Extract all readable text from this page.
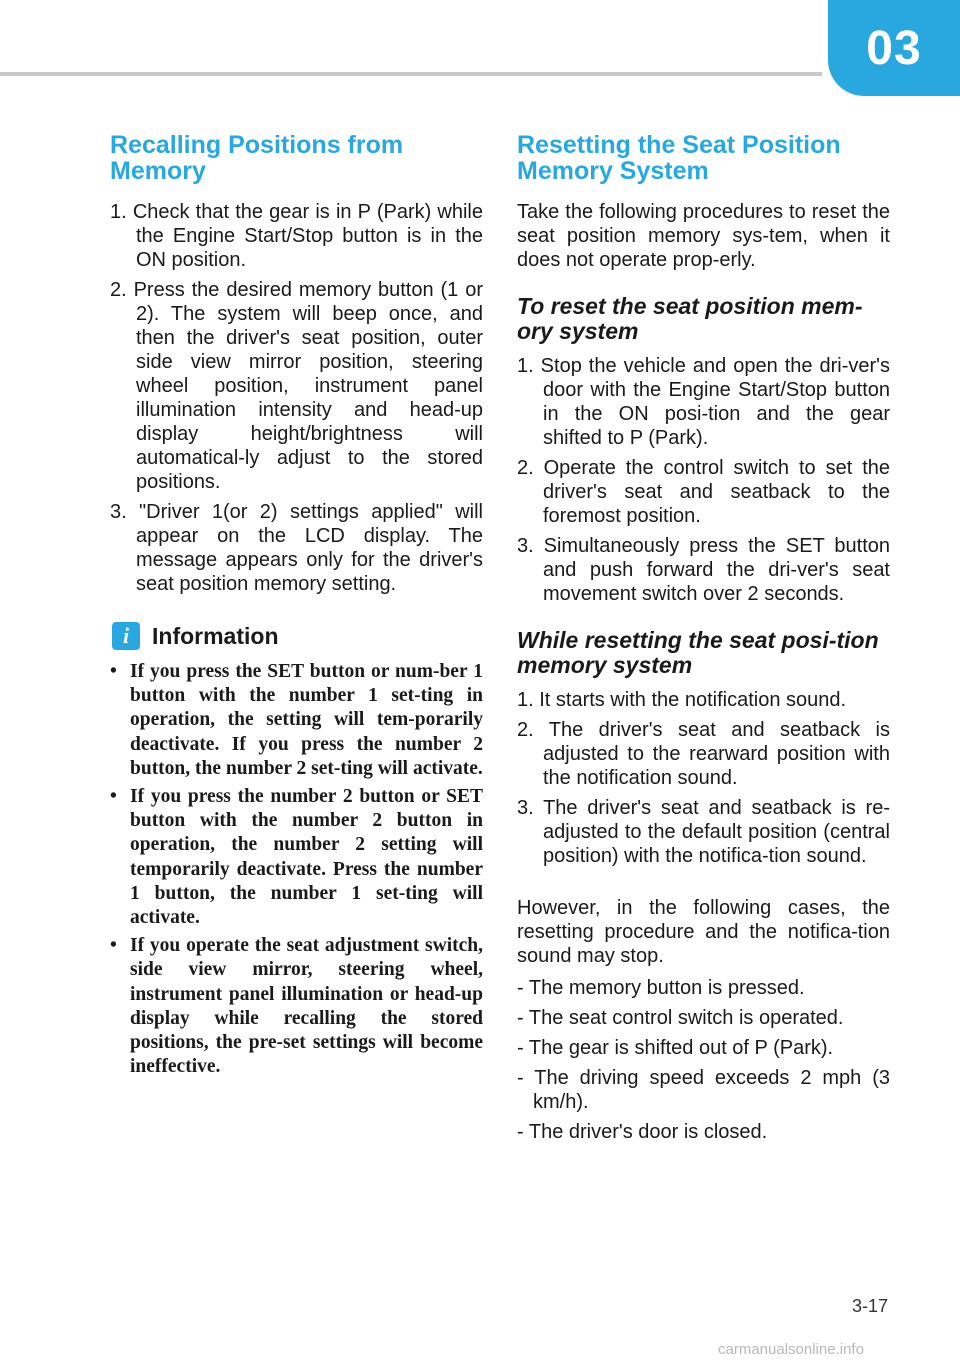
03
Recalling Positions from Memory
1. Check that the gear is in P (Park) while the Engine Start/Stop button is in the ON position.
2. Press the desired memory button (1 or 2). The system will beep once, and then the driver's seat position, outer side view mirror position, steering wheel position, instrument panel illumination intensity and head-up display height/brightness will automatical-ly adjust to the stored positions.
3. "Driver 1(or 2) settings applied" will appear on the LCD display. The message appears only for the driver's seat position memory setting.
i Information
• If you press the SET button or num-ber 1 button with the number 1 set-ting in operation, the setting will tem-porarily deactivate. If you press the number 2 button, the number 2 set-ting will activate.
• If you press the number 2 button or SET button with the number 2 button in operation, the number 2 setting will temporarily deactivate. Press the number 1 button, the number 1 set-ting will activate.
• If you operate the seat adjustment switch, side view mirror, steering wheel, instrument panel illumination or head-up display while recalling the stored positions, the pre-set settings will become ineffective.
Resetting the Seat Position Memory System

Take the following procedures to reset the seat position memory sys-tem, when it does not operate prop-erly.

To reset the seat position mem-ory system
1. Stop the vehicle and open the dri-ver's door with the Engine Start/Stop button in the ON posi-tion and the gear shifted to P (Park).
2. Operate the control switch to set the driver's seat and seatback to the foremost position.
3. Simultaneously press the SET button and push forward the dri-ver's seat movement switch over 2 seconds.
While resetting the seat posi-tion memory system
1. It starts with the notification sound.
2. The driver's seat and seatback is adjusted to the rearward position with the notification sound.
3. The driver's seat and seatback is re-adjusted to the default position (central position) with the notifica-tion sound.

However, in the following cases, the resetting procedure and the notifica-tion sound may stop.

- The memory button is pressed.
- The seat control switch is operated.
- The gear is shifted out of P (Park).
- The driving speed exceeds 2 mph (3 km/h).
- The driver's door is closed.
3-17
carmanualsonline.info
